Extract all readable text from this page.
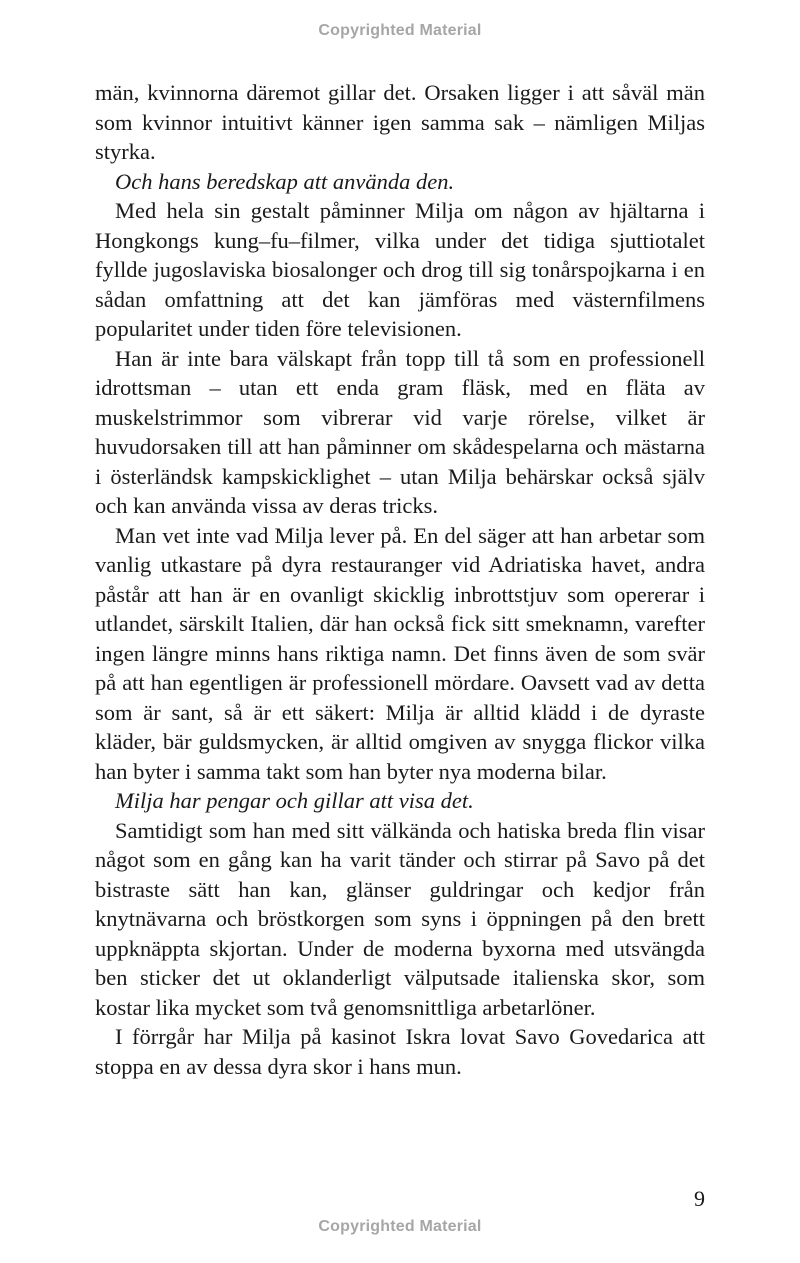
Copyrighted Material

män, kvinnorna däremot gillar det. Orsaken ligger i att såväl män som kvinnor intuitivt känner igen samma sak – nämligen Miljas styrka.

Och hans beredskap att använda den.

Med hela sin gestalt påminner Milja om någon av hjältarna i Hongkongs kung–fu–filmer, vilka under det tidiga sjuttiotalet fyllde jugoslaviska biosalonger och drog till sig tonårspojkarna i en sådan omfattning att det kan jämföras med västernfilmens popularitet under tiden före televisionen.

Han är inte bara välskapt från topp till tå som en professionell idrottsman – utan ett enda gram fläsk, med en fläta av muskelstrimmor som vibrerar vid varje rörelse, vilket är huvudorsaken till att han påminner om skådespelarna och mästarna i österländsk kampskicklighet – utan Milja behärskar också själv och kan använda vissa av deras tricks.

Man vet inte vad Milja lever på. En del säger att han arbetar som vanlig utkastare på dyra restauranger vid Adriatiska havet, andra påstår att han är en ovanligt skicklig inbrottstjuv som opererar i utlandet, särskilt Italien, där han också fick sitt smeknamn, varefter ingen längre minns hans riktiga namn. Det finns även de som svär på att han egentligen är professionell mördare. Oavsett vad av detta som är sant, så är ett säkert: Milja är alltid klädd i de dyraste kläder, bär guldsmycken, är alltid omgiven av snygga flickor vilka han byter i samma takt som han byter nya moderna bilar.

Milja har pengar och gillar att visa det.

Samtidigt som han med sitt välkända och hatiska breda flin visar något som en gång kan ha varit tänder och stirrar på Savo på det bistraste sätt han kan, glänser guldringar och kedjor från knytnävarna och bröstkorgen som syns i öppningen på den brett uppknäppta skjortan. Under de moderna byxorna med utsvängda ben sticker det ut oklanderligt välputsade italienska skor, som kostar lika mycket som två genomsnittliga arbetarlöner.

I förrgår har Milja på kasinot Iskra lovat Savo Govedarica att stoppa en av dessa dyra skor i hans mun.

9
Copyrighted Material
